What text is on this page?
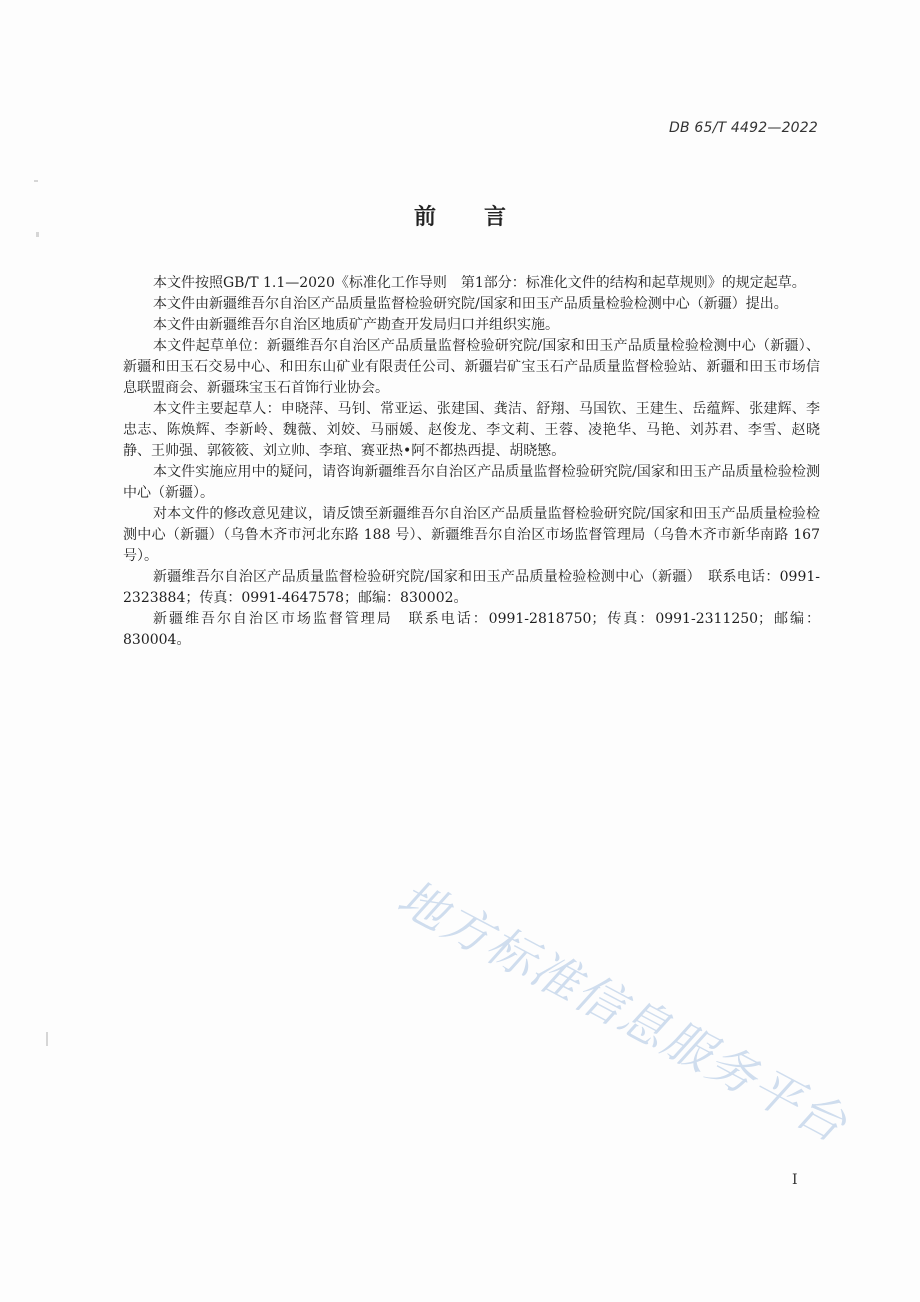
DB 65/T 4492—2022
前言

本文件按照GB/T 1.1—2020《标准化工作导则　第1部分：标准化文件的结构和起草规则》的规定起草。

本文件由新疆维吾尔自治区产品质量监督检验研究院/国家和田玉产品质量检验检测中心（新疆）提出。

本文件由新疆维吾尔自治区地质矿产勘查开发局归口并组织实施。

本文件起草单位：新疆维吾尔自治区产品质量监督检验研究院/国家和田玉产品质量检验检测中心（新疆）、新疆和田玉石交易中心、和田东山矿业有限责任公司、新疆岩矿宝玉石产品质量监督检验站、新疆和田玉市场信息联盟商会、新疆珠宝玉石首饰行业协会。

本文件主要起草人：申晓萍、马钊、常亚运、张建国、龚洁、舒翔、马国钦、王建生、岳蕴辉、张建辉、李忠志、陈焕辉、李新岭、魏薇、刘姣、马丽媛、赵俊龙、李文莉、王蓉、凌艳华、马艳、刘苏君、李雪、赵晓静、王帅强、郭筱筱、刘立帅、李琯、赛亚热•阿不都热西提、胡晓慜。

本文件实施应用中的疑问，请咨询新疆维吾尔自治区产品质量监督检验研究院/国家和田玉产品质量检验检测中心（新疆）。

对本文件的修改意见建议，请反馈至新疆维吾尔自治区产品质量监督检验研究院/国家和田玉产品质量检验检测中心（新疆）（乌鲁木齐市河北东路 188 号）、新疆维吾尔自治区市场监督管理局（乌鲁木齐市新华南路 167 号）。

新疆维吾尔自治区产品质量监督检验研究院/国家和田玉产品质量检验检测中心（新疆）　联系电话：0991-2323884；传真：0991-4647578；邮编：830002。

新疆维吾尔自治区市场监督管理局　联系电话：0991-2818750；传真：0991-2311250；邮编：830004。

地方标准信息服务平台
I
